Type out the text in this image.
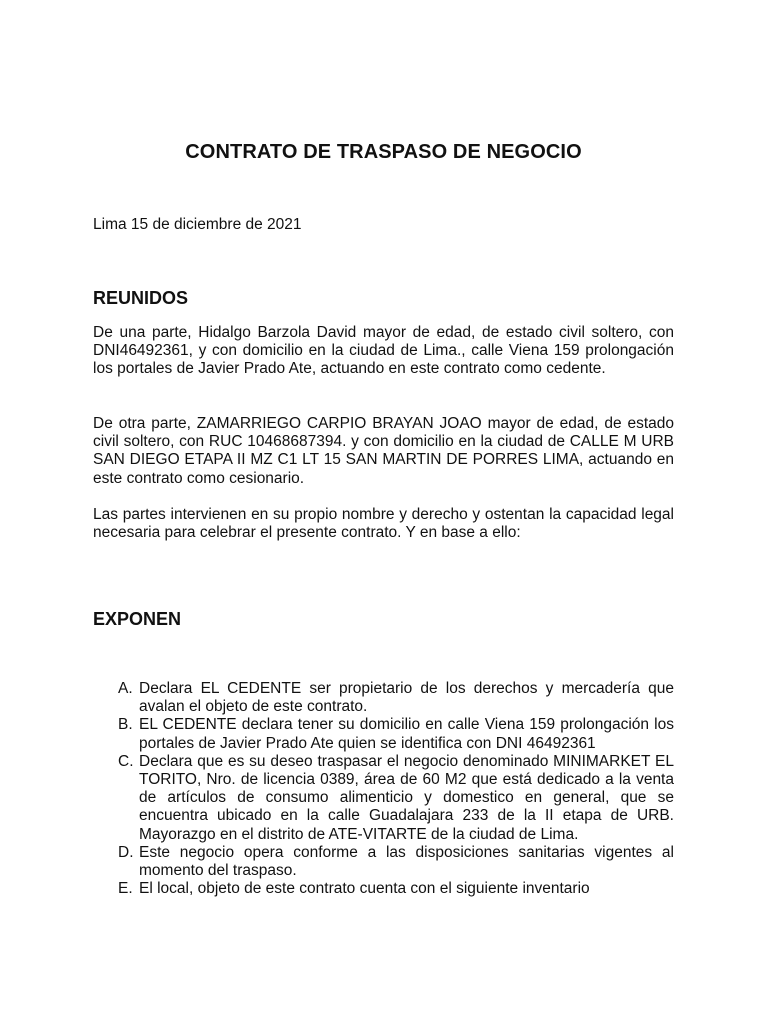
CONTRATO DE TRASPASO DE NEGOCIO

Lima 15 de diciembre de 2021

REUNIDOS

De una parte, Hidalgo Barzola David mayor de edad, de estado civil soltero, con DNI46492361, y con domicilio en la ciudad de Lima., calle Viena 159 prolongación los portales de Javier Prado Ate, actuando en este contrato como cedente.

De otra parte, ZAMARRIEGO CARPIO BRAYAN JOAO mayor de edad, de estado civil soltero, con RUC 10468687394. y con domicilio en la ciudad de CALLE M URB SAN DIEGO ETAPA II MZ C1 LT 15 SAN MARTIN DE PORRES LIMA, actuando en este contrato como cesionario.

Las partes intervienen en su propio nombre y derecho y ostentan la capacidad legal necesaria para celebrar el presente contrato. Y en base a ello:

EXPONEN
A. Declara EL CEDENTE ser propietario de los derechos y mercadería que avalan el objeto de este contrato.
B. EL CEDENTE declara tener su domicilio en calle Viena 159 prolongación los portales de Javier Prado Ate quien se identifica con DNI 46492361
C. Declara que es su deseo traspasar el negocio denominado MINIMARKET EL TORITO, Nro. de licencia 0389, área de 60 M2 que está dedicado a la venta de artículos de consumo alimenticio y domestico en general, que se encuentra ubicado en la calle Guadalajara 233 de la II etapa de URB. Mayorazgo en el distrito de ATE-VITARTE de la ciudad de Lima.
D. Este negocio opera conforme a las disposiciones sanitarias vigentes al momento del traspaso.
E. El local, objeto de este contrato cuenta con el siguiente inventario
